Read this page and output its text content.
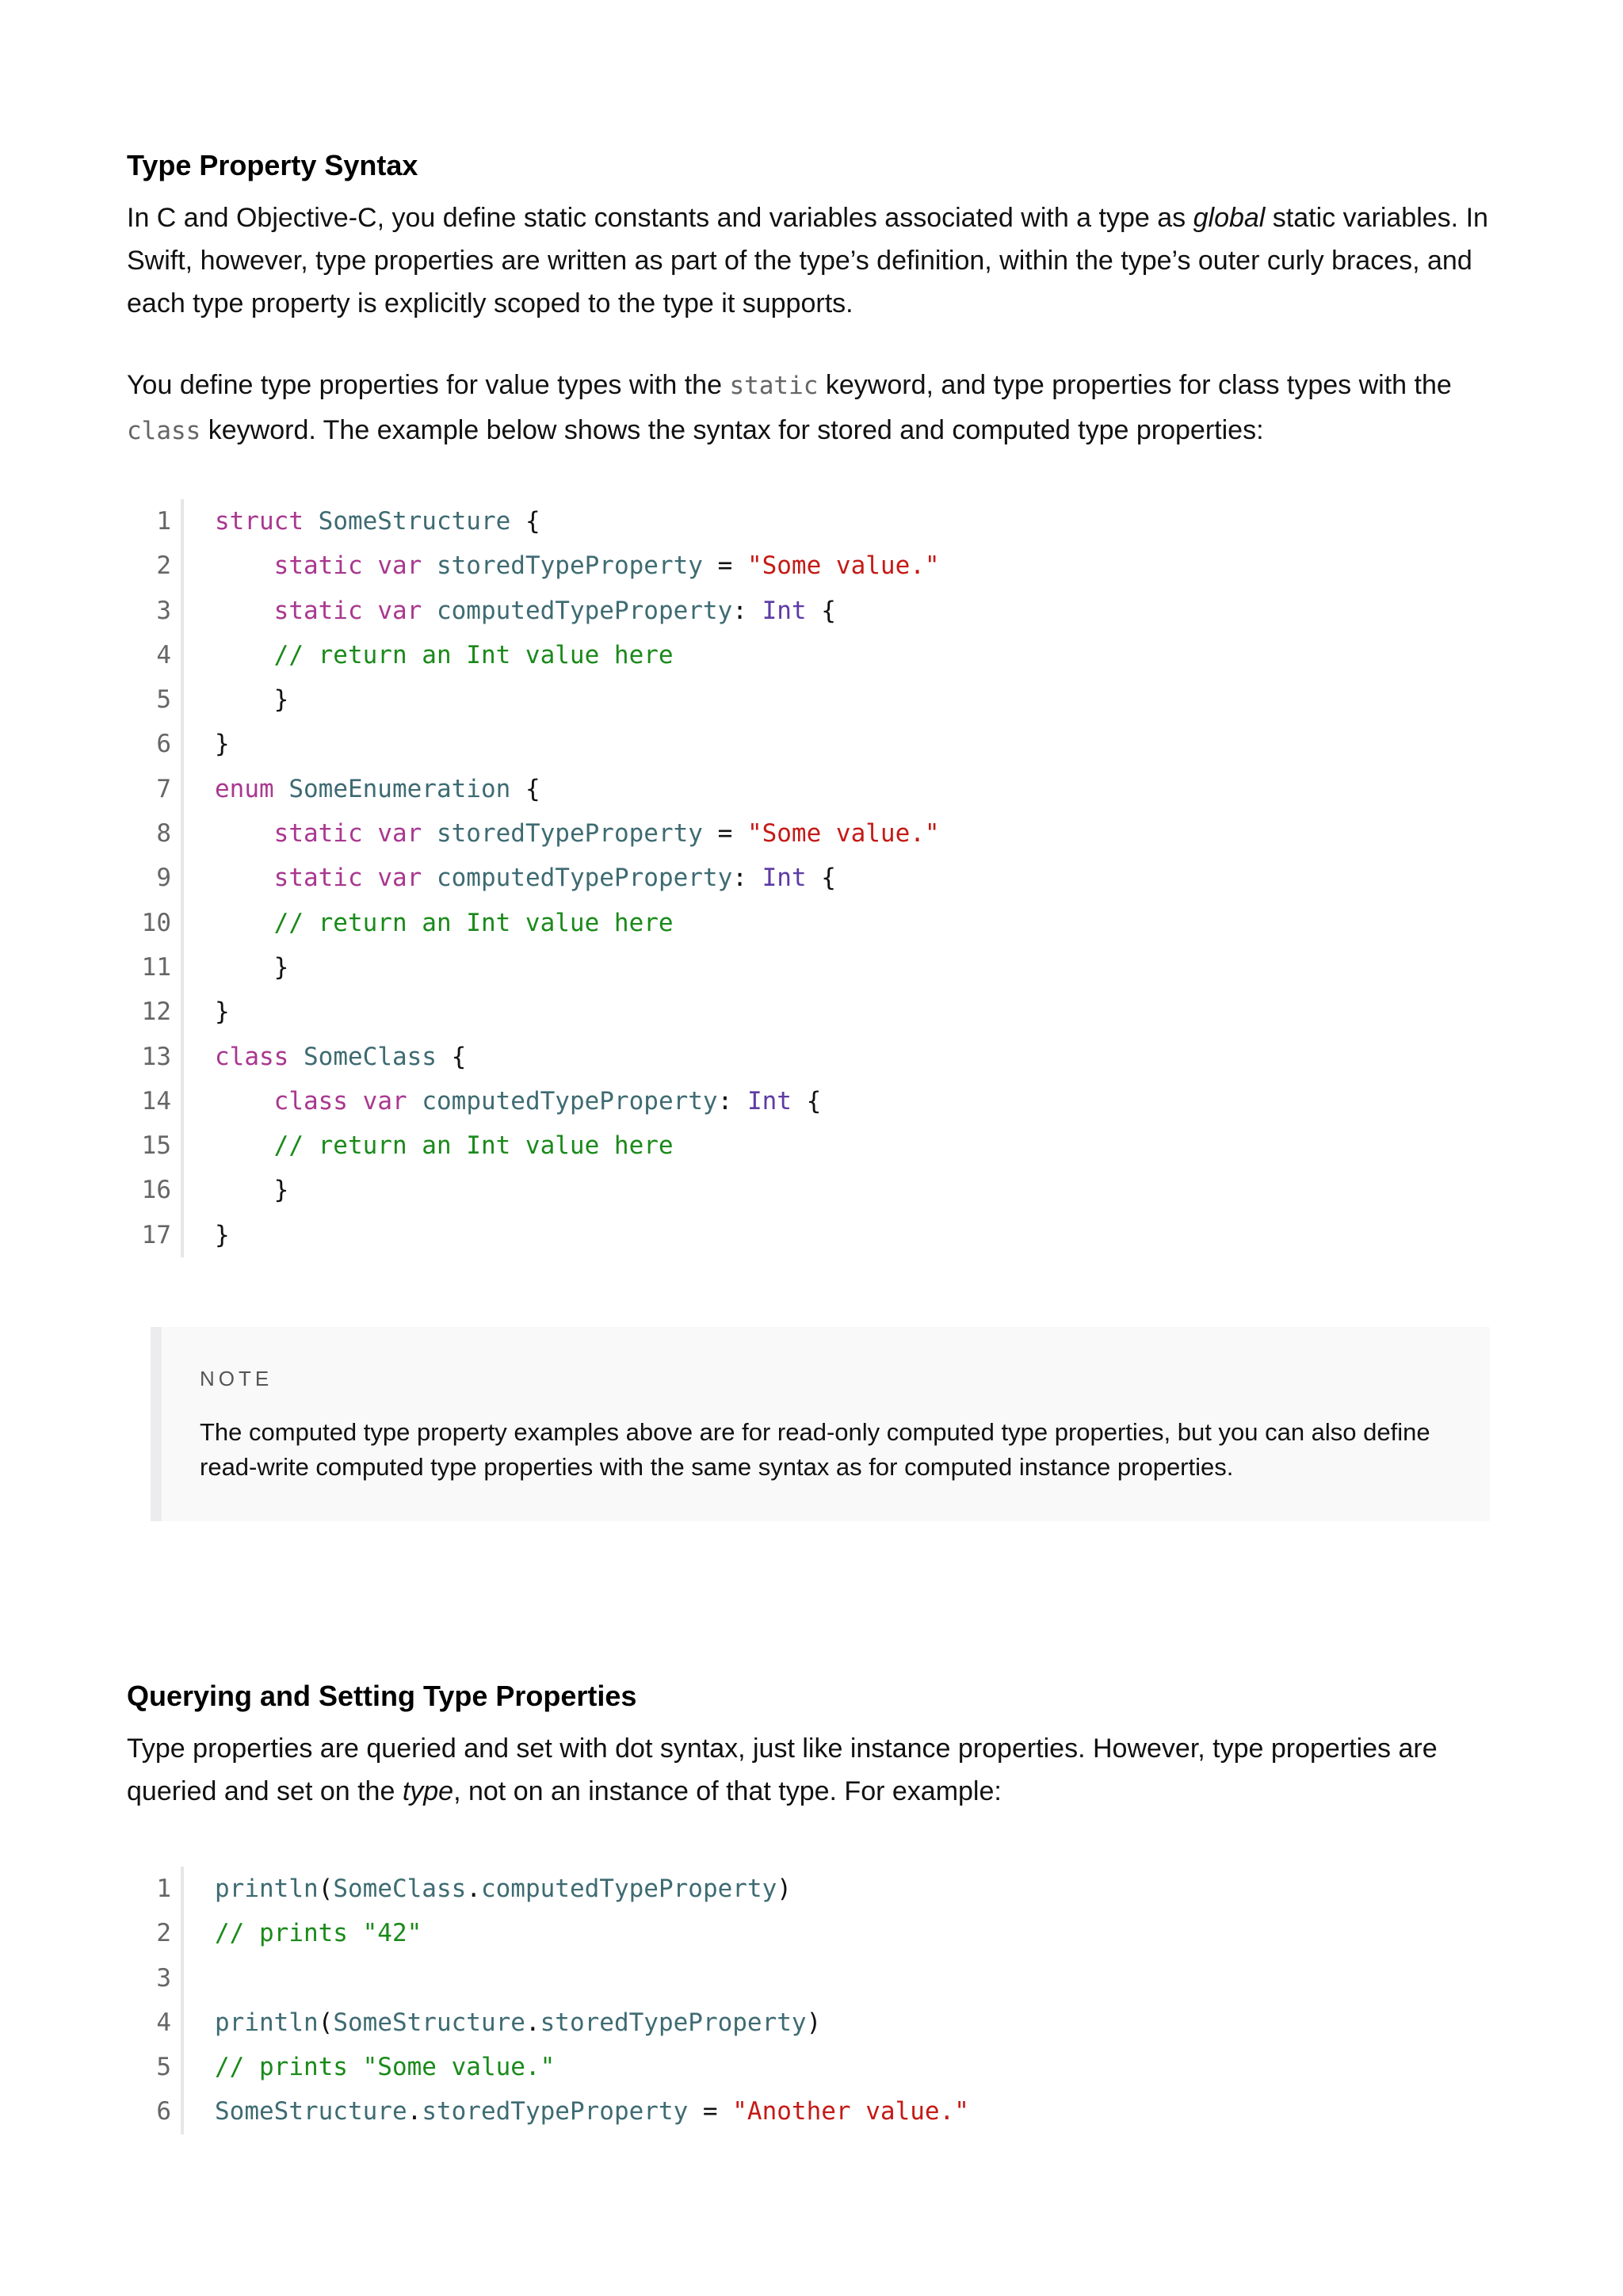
Type Property Syntax

In C and Objective-C, you define static constants and variables associated with a type as global static variables. In Swift, however, type properties are written as part of the type’s definition, within the type’s outer curly braces, and each type property is explicitly scoped to the type it supports.

You define type properties for value types with the static keyword, and type properties for class types with the class keyword. The example below shows the syntax for stored and computed type properties:

1 struct SomeStructure {
2	static var storedTypeProperty = "Some value."
3	static var computedTypeProperty: Int {
4	// return an Int value here
5 }
6 }
7 enum SomeEnumeration {
8	static var storedTypeProperty = "Some value."
9	static var computedTypeProperty: Int {
10	// return an Int value here
11 }
12 }
13 class SomeClass {
14	class var computedTypeProperty: Int {
15	// return an Int value here
16 }
17 }

NOTE

The computed type property examples above are for read-only computed type properties, but you can also define read-write computed type properties with the same syntax as for computed instance properties.

Querying and Setting Type Properties

Type properties are queried and set with dot syntax, just like instance properties. However, type properties are queried and set on the type, not on an instance of that type. For example:

1 println(SomeClass.computedTypeProperty)
2 // prints "42"
3
4 println(SomeStructure.storedTypeProperty)
5 // prints "Some value."
6 SomeStructure.storedTypeProperty = "Another value."
